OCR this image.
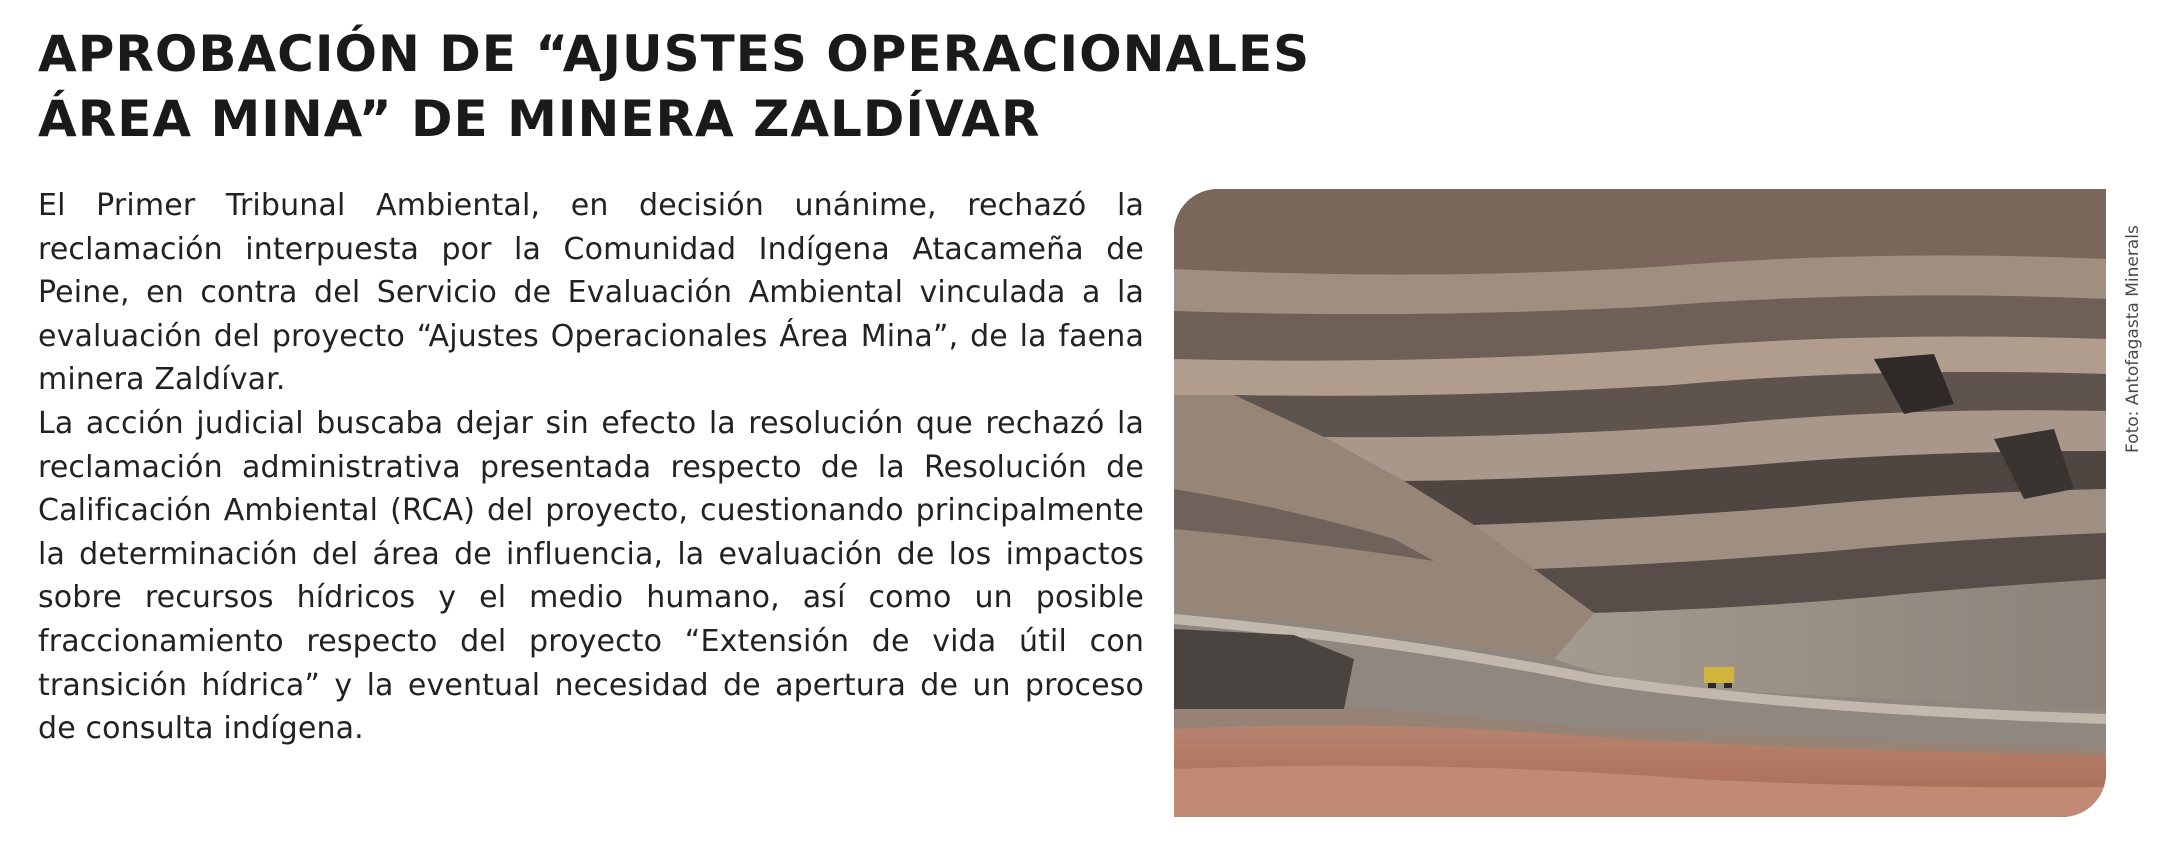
APROBACIÓN DE “AJUSTES OPERACIONALES
ÁREA MINA” DE MINERA ZALDÍVAR

El Primer Tribunal Ambiental, en decisión unánime, rechazó la reclamación interpuesta por la Comunidad Indígena Atacameña de Peine, en contra del Servicio de Evaluación Ambiental vinculada a la evaluación del proyecto “Ajustes Operacionales Área Mina”, de la faena minera Zaldívar.

La acción judicial buscaba dejar sin efecto la resolución que rechazó la reclamación administrativa presentada respecto de la Resolución de Calificación Ambiental (RCA) del proyecto, cuestionando principalmente la determinación del área de influencia, la evaluación de los impactos sobre recursos hídricos y el medio humano, así como un posible fraccionamiento respecto del proyecto “Extensión de vida útil con transición hídrica” y la eventual necesidad de apertura de un proceso de consulta indígena.

Foto: Antofagasta Minerals
